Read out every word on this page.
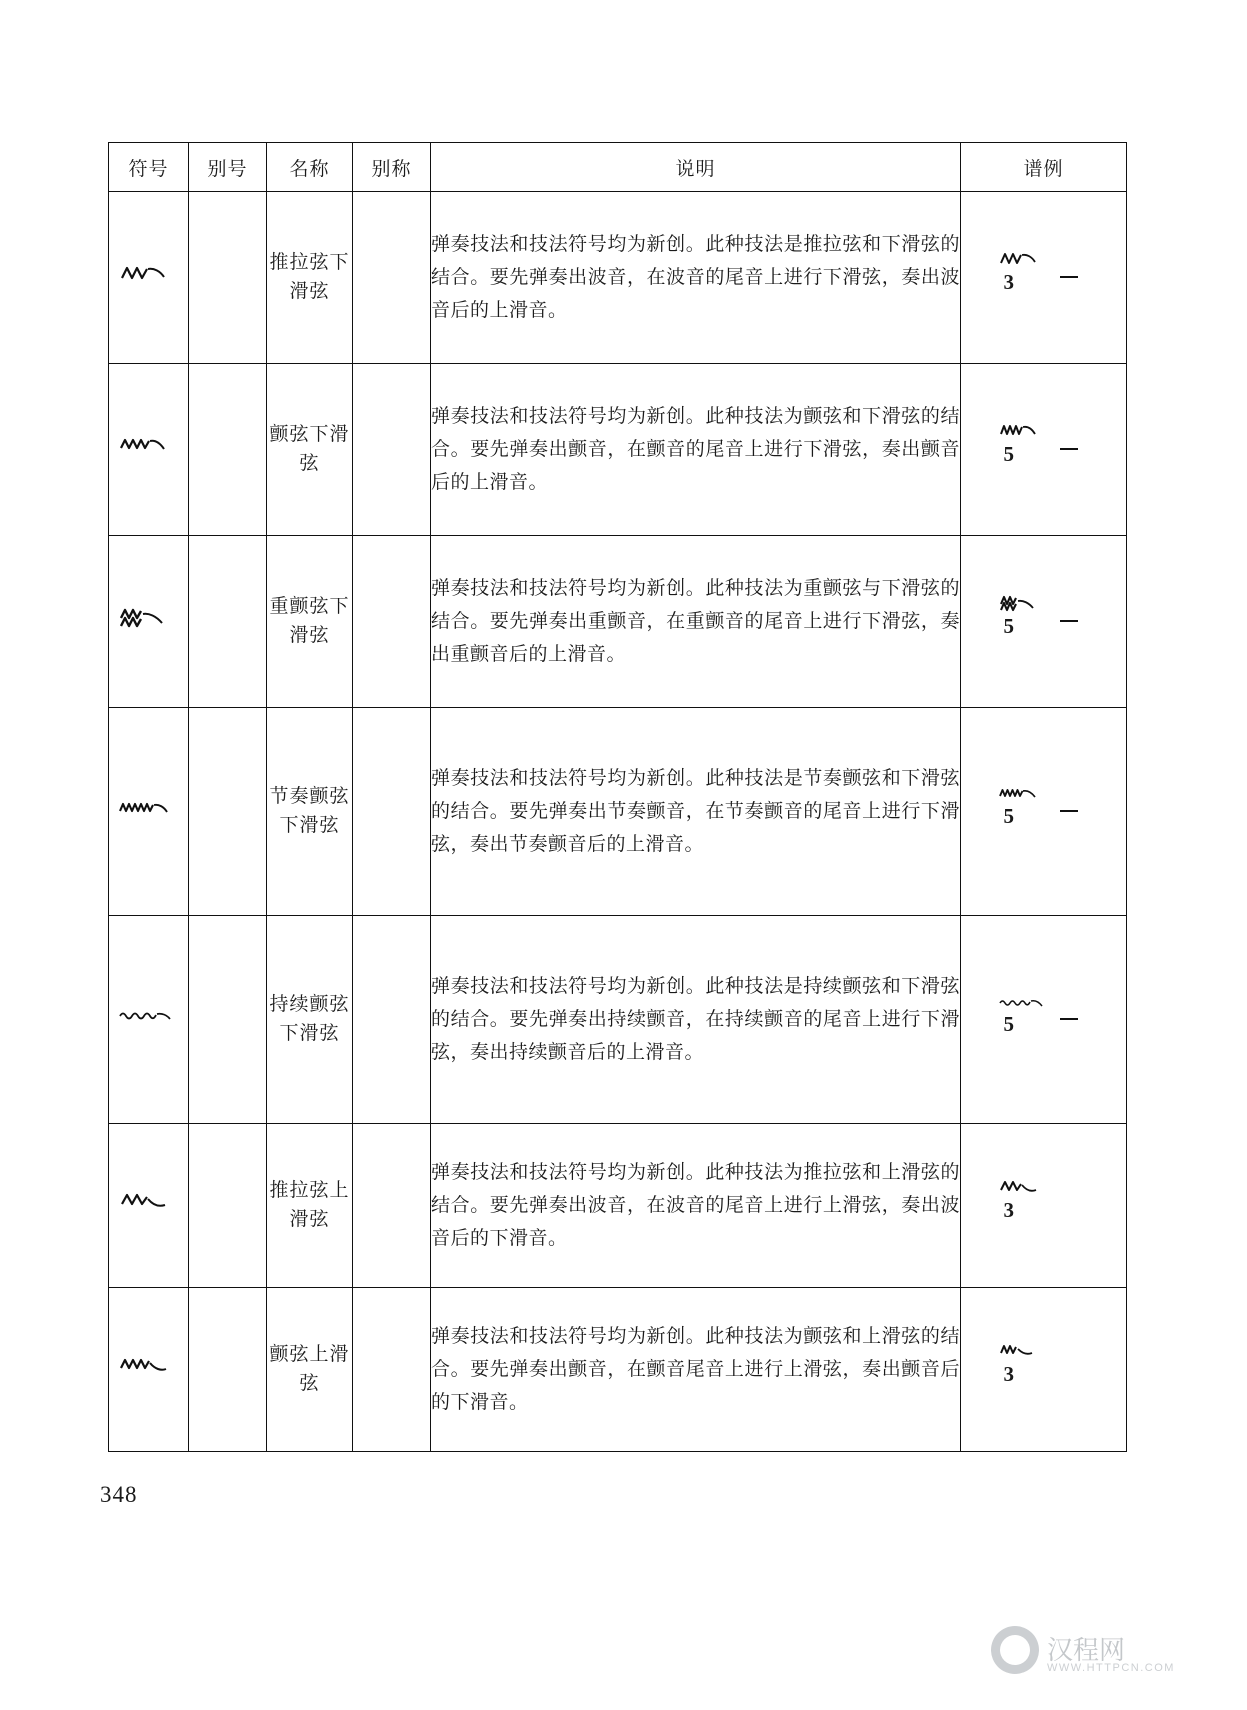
符号	别号	名称	别称	说明	谱例

		推拉弦下滑弦		弹奏技法和技法符号均为新创。此种技法是推拉弦和下滑弦的结合。要先弹奏出波音，在波音的尾音上进行下滑弦，奏出波音后的上滑音。	3

		颤弦下滑弦		弹奏技法和技法符号均为新创。此种技法为颤弦和下滑弦的结合。要先弹奏出颤音，在颤音的尾音上进行下滑弦，奏出颤音后的上滑音。	5

		重颤弦下滑弦		弹奏技法和技法符号均为新创。此种技法为重颤弦与下滑弦的结合。要先弹奏出重颤音，在重颤音的尾音上进行下滑弦，奏出重颤音后的上滑音。	5

		节奏颤弦下滑弦		弹奏技法和技法符号均为新创。此种技法是节奏颤弦和下滑弦的结合。要先弹奏出节奏颤音，在节奏颤音的尾音上进行下滑弦，奏出节奏颤音后的上滑音。	5

		持续颤弦下滑弦		弹奏技法和技法符号均为新创。此种技法是持续颤弦和下滑弦的结合。要先弹奏出持续颤音，在持续颤音的尾音上进行下滑弦，奏出持续颤音后的上滑音。	5

		推拉弦上滑弦		弹奏技法和技法符号均为新创。此种技法为推拉弦和上滑弦的结合。要先弹奏出波音，在波音的尾音上进行上滑弦，奏出波音后的下滑音。	3

		颤弦上滑弦		弹奏技法和技法符号均为新创。此种技法为颤弦和上滑弦的结合。要先弹奏出颤音，在颤音尾音上进行上滑弦，奏出颤音后的下滑音。	3
348
汉程网
WWW.HTTPCN.COM
